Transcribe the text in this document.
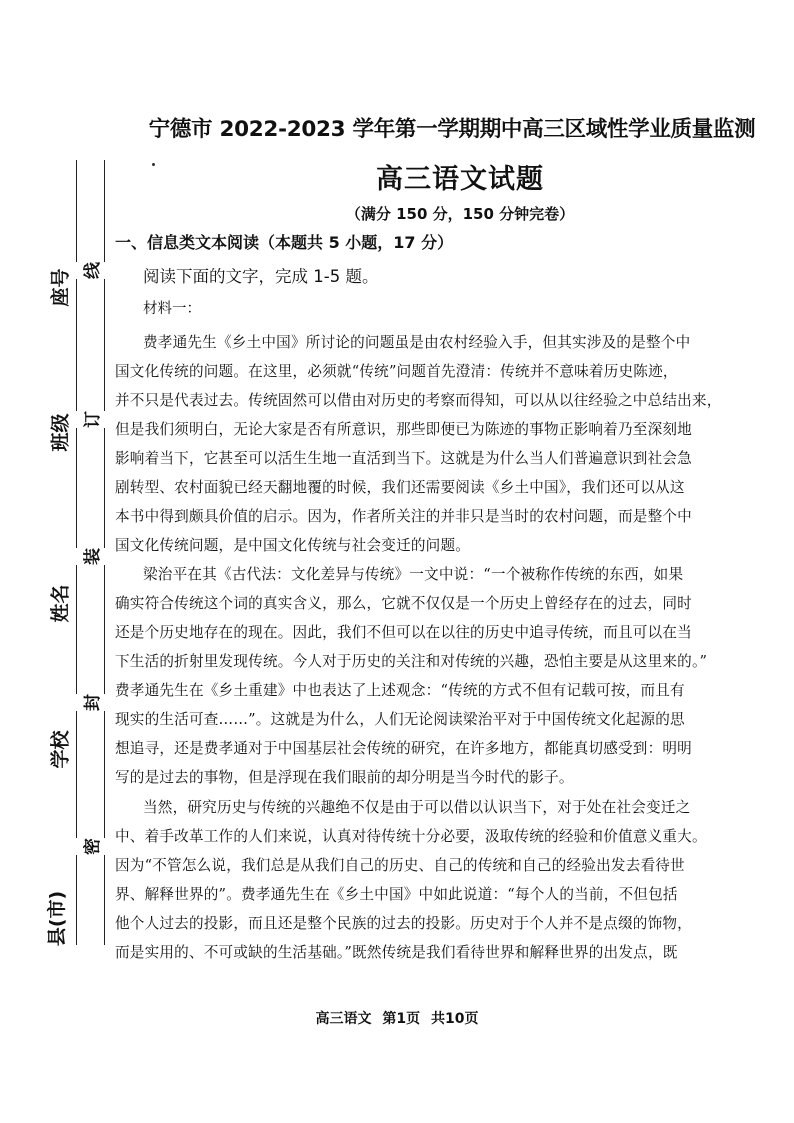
座号
班级
姓名
学校
县(市)
线
订
装
封
密
宁德市 2022-2023 学年第一学期期中高三区域性学业质量监测
高三语文试题
（满分 150 分，150 分钟完卷）
一、信息类文本阅读（本题共 5 小题，17 分）
阅读下面的文字，完成 1-5 题。
材料一：
费孝通先生《乡土中国》所讨论的问题虽是由农村经验入手，但其实涉及的是整个中
国文化传统的问题。在这里，必须就“传统”问题首先澄清：传统并不意味着历史陈迹，
并不只是代表过去。传统固然可以借由对历史的考察而得知，可以从以往经验之中总结出来，
但是我们须明白，无论大家是否有所意识，那些即便已为陈迹的事物正影响着乃至深刻地
影响着当下，它甚至可以活生生地一直活到当下。这就是为什么当人们普遍意识到社会急
剧转型、农村面貌已经天翻地覆的时候，我们还需要阅读《乡土中国》，我们还可以从这
本书中得到颇具价值的启示。因为，作者所关注的并非只是当时的农村问题，而是整个中
国文化传统问题，是中国文化传统与社会变迁的问题。
梁治平在其《古代法：文化差异与传统》一文中说：“一个被称作传统的东西，如果
确实符合传统这个词的真实含义，那么，它就不仅仅是一个历史上曾经存在的过去，同时
还是个历史地存在的现在。因此，我们不但可以在以往的历史中追寻传统，而且可以在当
下生活的折射里发现传统。今人对于历史的关注和对传统的兴趣，恐怕主要是从这里来的。”
费孝通先生在《乡土重建》中也表达了上述观念：“传统的方式不但有记载可按，而且有
现实的生活可查……”。这就是为什么，人们无论阅读梁治平对于中国传统文化起源的思
想追寻，还是费孝通对于中国基层社会传统的研究，在许多地方，都能真切感受到：明明
写的是过去的事物，但是浮现在我们眼前的却分明是当今时代的影子。
当然，研究历史与传统的兴趣绝不仅是由于可以借以认识当下，对于处在社会变迁之
中、着手改革工作的人们来说，认真对待传统十分必要，汲取传统的经验和价值意义重大。
因为“不管怎么说，我们总是从我们自己的历史、自己的传统和自己的经验出发去看待世
界、解释世界的”。费孝通先生在《乡土中国》中如此说道：“每个人的当前，不但包括
他个人过去的投影，而且还是整个民族的过去的投影。历史对于个人并不是点缀的饰物，
而是实用的、不可或缺的生活基础。”既然传统是我们看待世界和解释世界的出发点，既
高三语文 第1页 共10页
